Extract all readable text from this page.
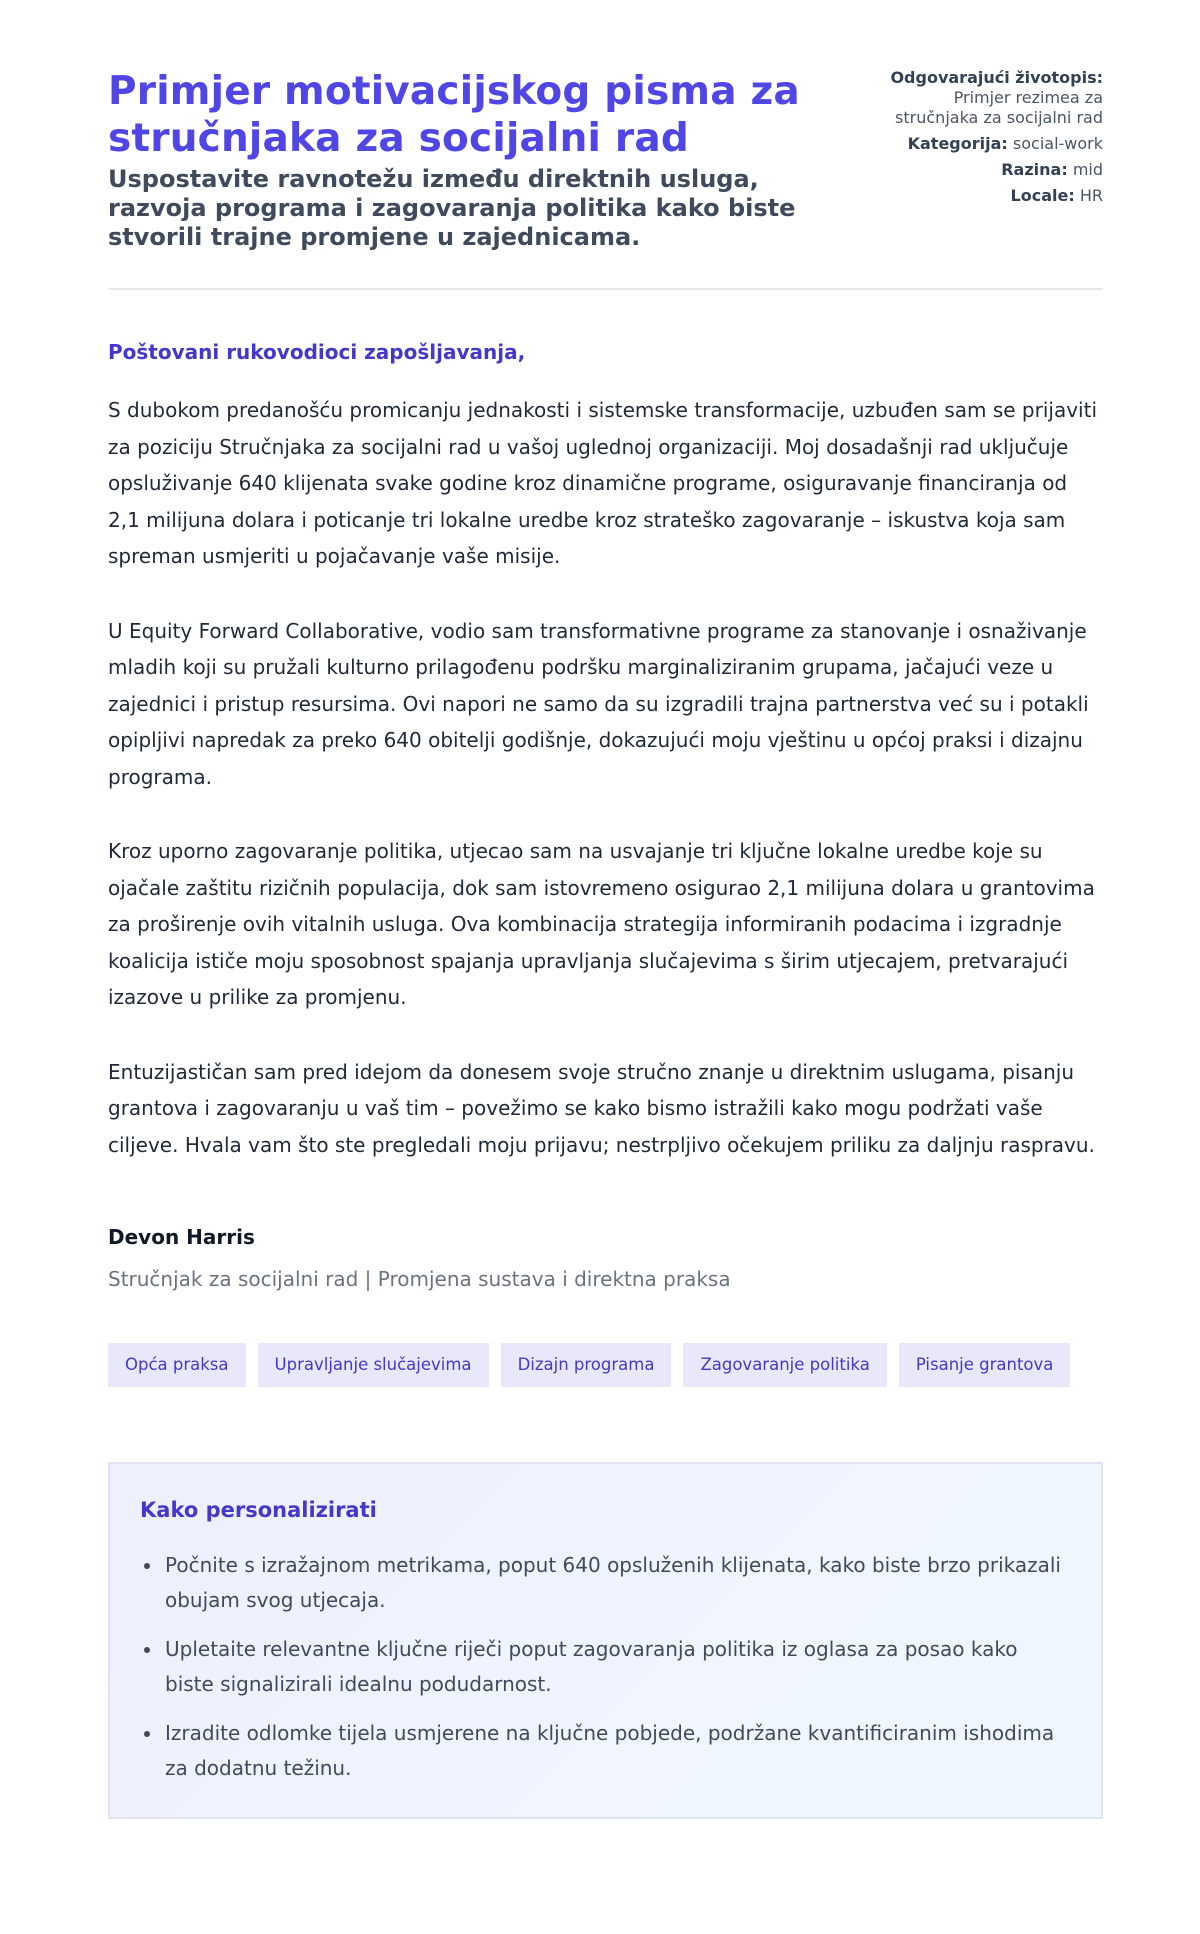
Primjer motivacijskog pisma za stručnjaka za socijalni rad
Uspostavite ravnotežu između direktnih usluga, razvoja programa i zagovaranja politika kako biste stvorili trajne promjene u zajednicama.
Odgovarajući životopis: Primjer rezimea za stručnjaka za socijalni rad
Kategorija: social-work
Razina: mid
Locale: HR

Poštovani rukovodioci zapošljavanja,

S dubokom predanošću promicanju jednakosti i sistemske transformacije, uzbuđen sam se prijaviti za poziciju Stručnjaka za socijalni rad u vašoj uglednoj organizaciji. Moj dosadašnji rad uključuje opsluživanje 640 klijenata svake godine kroz dinamične programe, osiguravanje financiranja od 2,1 milijuna dolara i poticanje tri lokalne uredbe kroz strateško zagovaranje – iskustva koja sam spreman usmjeriti u pojačavanje vaše misije.

U Equity Forward Collaborative, vodio sam transformativne programe za stanovanje i osnaživanje mladih koji su pružali kulturno prilagođenu podršku marginaliziranim grupama, jačajući veze u zajednici i pristup resursima. Ovi napori ne samo da su izgradili trajna partnerstva već su i potakli opipljivi napredak za preko 640 obitelji godišnje, dokazujući moju vještinu u općoj praksi i dizajnu programa.

Kroz uporno zagovaranje politika, utjecao sam na usvajanje tri ključne lokalne uredbe koje su ojačale zaštitu rizičnih populacija, dok sam istovremeno osigurao 2,1 milijuna dolara u grantovima za proširenje ovih vitalnih usluga. Ova kombinacija strategija informiranih podacima i izgradnje koalicija ističe moju sposobnost spajanja upravljanja slučajevima s širim utjecajem, pretvarajući izazove u prilike za promjenu.

Entuzijastičan sam pred idejom da donesem svoje stručno znanje u direktnim uslugama, pisanju grantova i zagovaranju u vaš tim – povežimo se kako bismo istražili kako mogu podržati vaše ciljeve. Hvala vam što ste pregledali moju prijavu; nestrpljivo očekujem priliku za daljnju raspravu.

Devon Harris
Stručnjak za socijalni rad | Promjena sustava i direktna praksa
Opća praksa	Upravljanje slučajevima	Dizajn programa	Zagovaranje politika	Pisanje grantova
Kako personalizirati
Počnite s izražajnom metrikama, poput 640 opsluženih klijenata, kako biste brzo prikazali obujam svog utjecaja.
Upletaite relevantne ključne riječi poput zagovaranja politika iz oglasa za posao kako biste signalizirali idealnu podudarnost.
Izradite odlomke tijela usmjerene na ključne pobjede, podržane kvantificiranim ishodima za dodatnu težinu.
